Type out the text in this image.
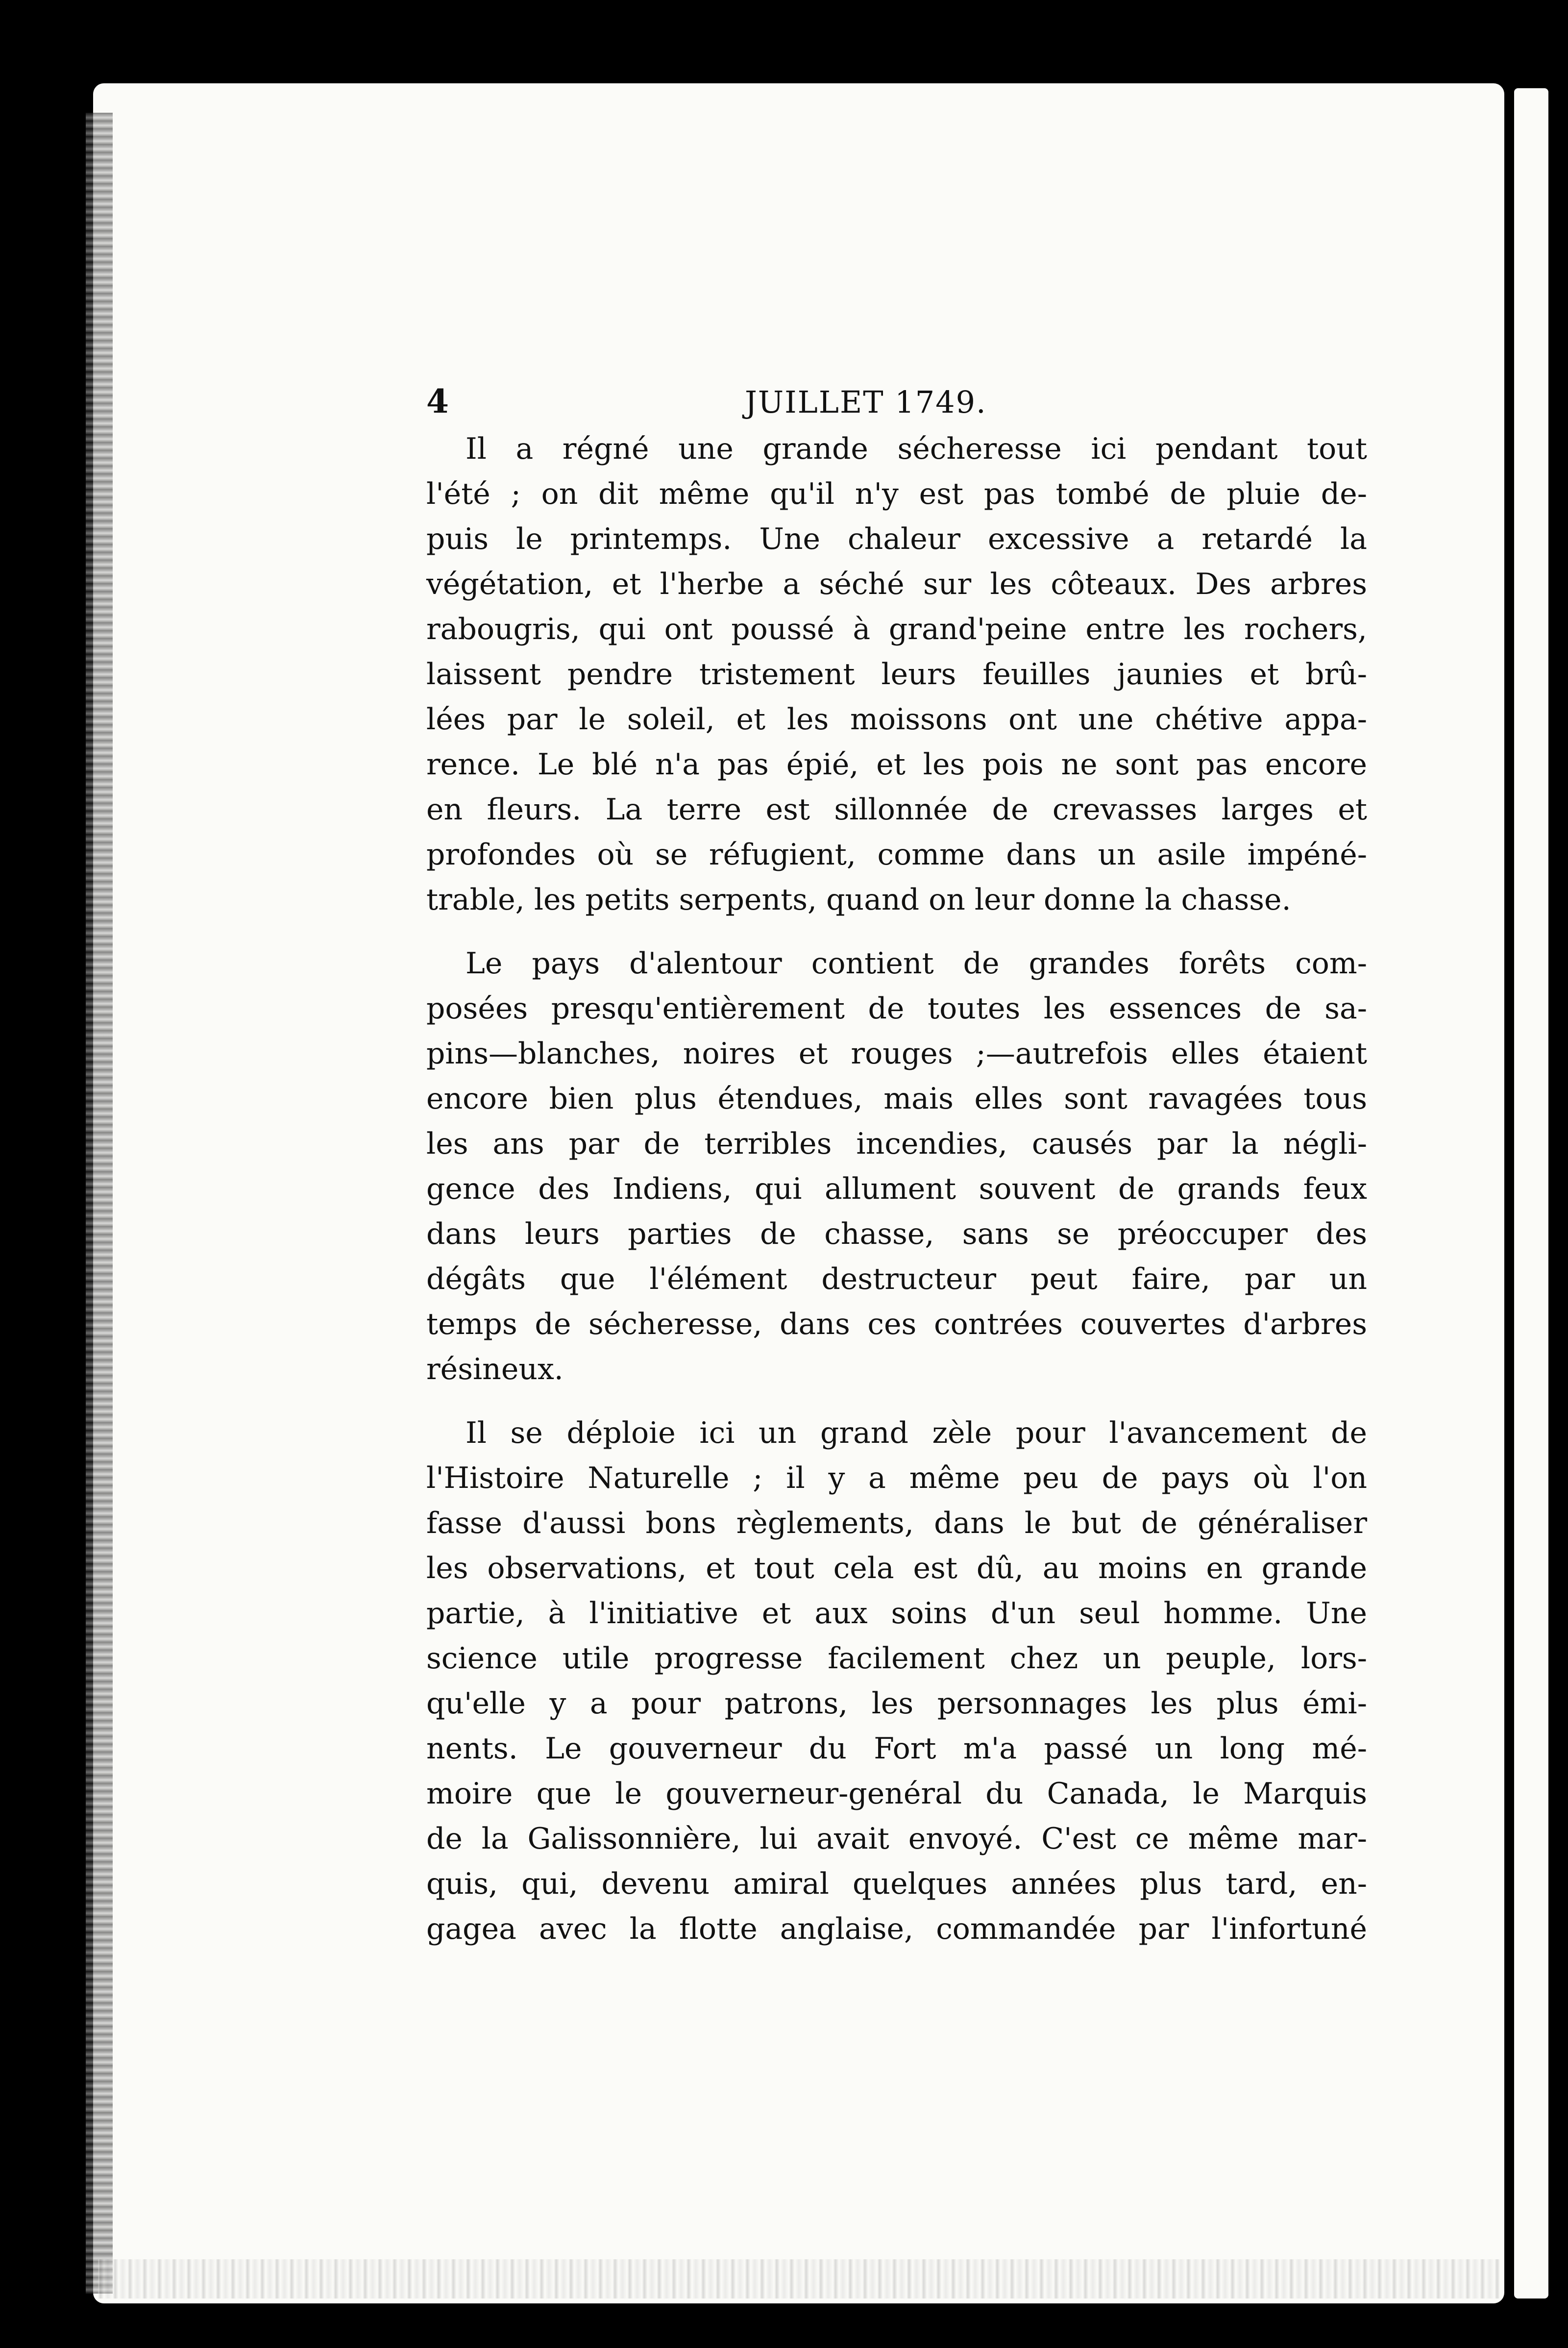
4	JUILLET 1749.

Il a régné une grande sécheresse ici pendant tout
l'été ; on dit même qu'il n'y est pas tombé de pluie de-
puis le printemps. Une chaleur excessive a retardé la
végétation, et l'herbe a séché sur les côteaux. Des arbres
rabougris, qui ont poussé à grand'peine entre les rochers,
laissent pendre tristement leurs feuilles jaunies et brû-
lées par le soleil, et les moissons ont une chétive appa-
rence. Le blé n'a pas épié, et les pois ne sont pas encore
en fleurs. La terre est sillonnée de crevasses larges et
profondes où se réfugient, comme dans un asile impéné-
trable, les petits serpents, quand on leur donne la chasse.

Le pays d'alentour contient de grandes forêts com-
posées presqu'entièrement de toutes les essences de sa-
pins—blanches, noires et rouges ;—autrefois elles étaient
encore bien plus étendues, mais elles sont ravagées tous
les ans par de terribles incendies, causés par la négli-
gence des Indiens, qui allument souvent de grands feux
dans leurs parties de chasse, sans se préoccuper des
dégâts que l'élément destructeur peut faire, par un
temps de sécheresse, dans ces contrées couvertes d'arbres
résineux.

Il se déploie ici un grand zèle pour l'avancement de
l'Histoire Naturelle ; il y a même peu de pays où l'on
fasse d'aussi bons règlements, dans le but de généraliser
les observations, et tout cela est dû, au moins en grande
partie, à l'initiative et aux soins d'un seul homme. Une
science utile progresse facilement chez un peuple, lors-
qu'elle y a pour patrons, les personnages les plus émi-
nents. Le gouverneur du Fort m'a passé un long mé-
moire que le gouverneur-genéral du Canada, le Marquis
de la Galissonnière, lui avait envoyé. C'est ce même mar-
quis, qui, devenu amiral quelques années plus tard, en-
gagea avec la flotte anglaise, commandée par l'infortuné
